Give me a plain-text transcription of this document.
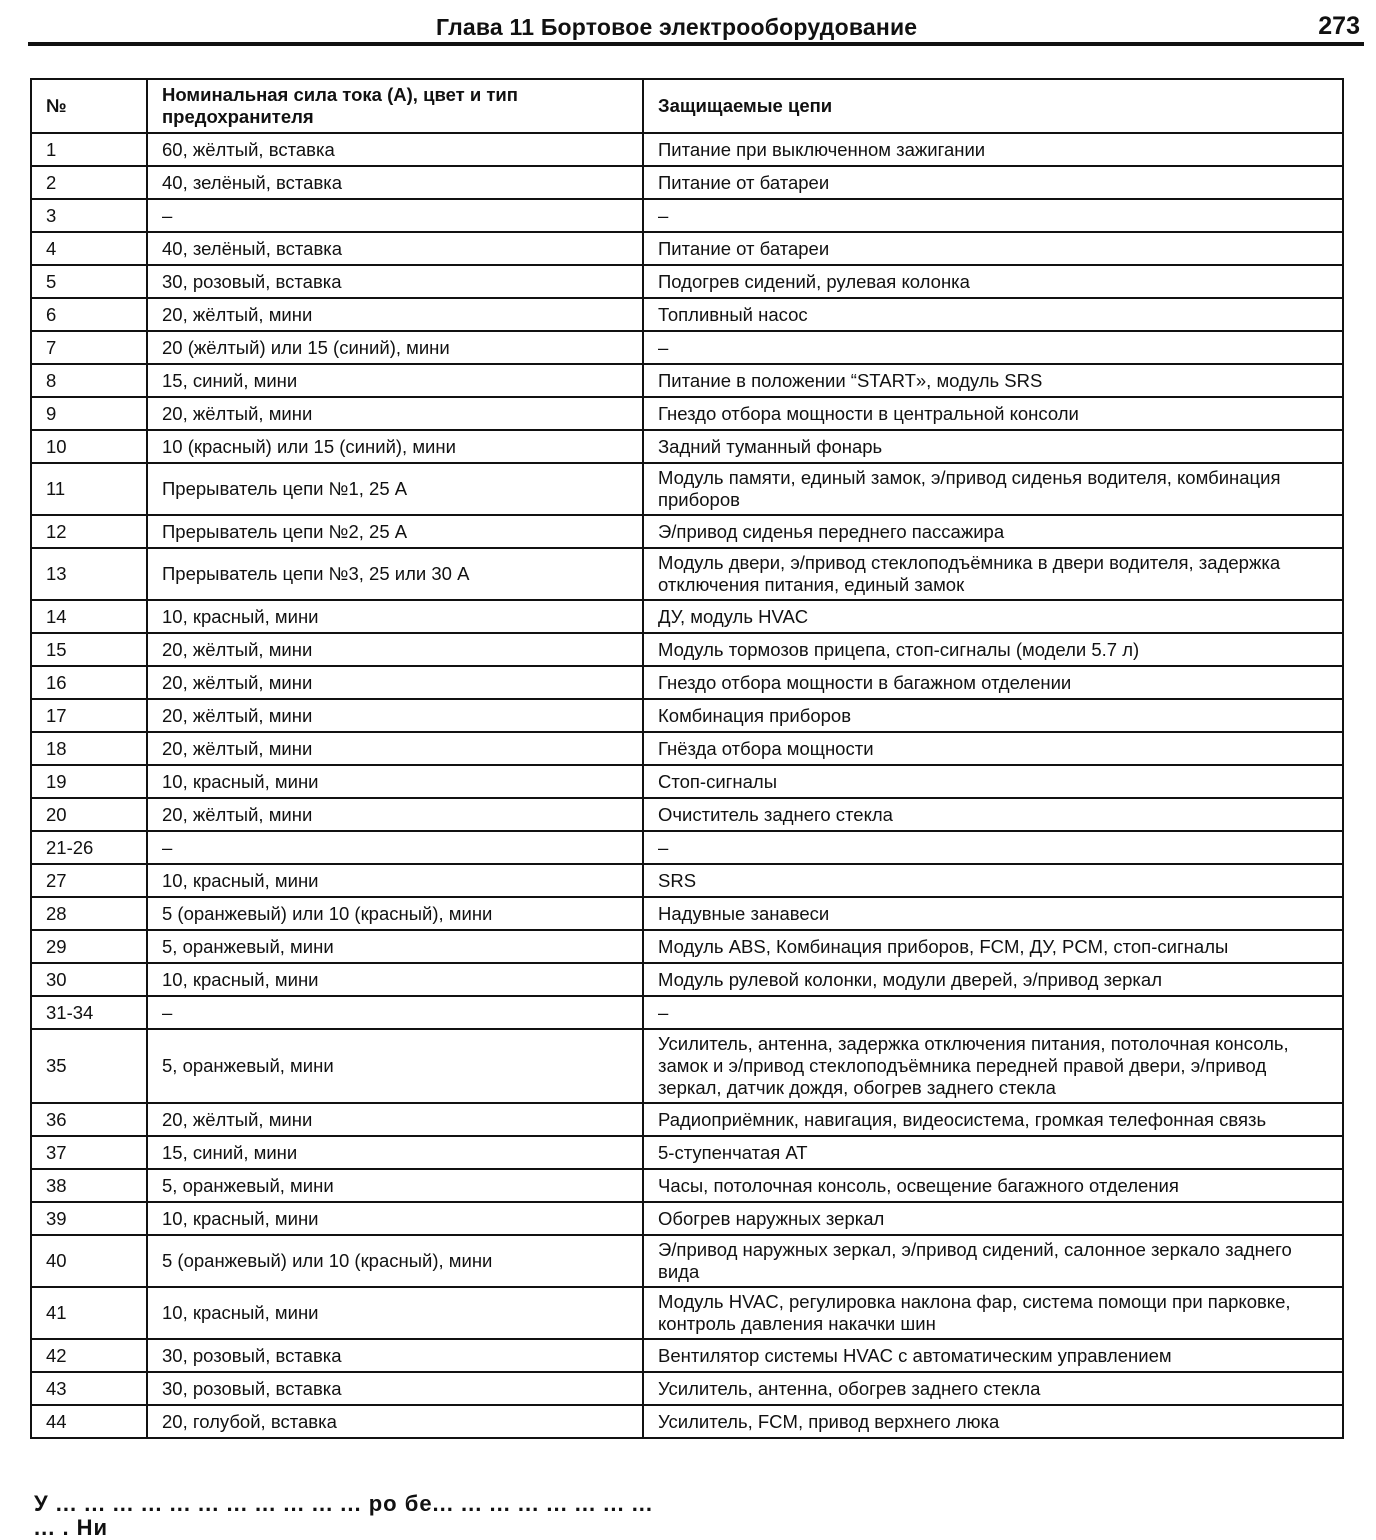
Глава 11 Бортовое электрооборудование	273
№	Номинальная сила тока (А), цвет и тип предохранителя	Защищаемые цепи
1	60, жёлтый, вставка	Питание при выключенном зажигании
2	40, зелёный, вставка	Питание от батареи
3	–	–
4	40, зелёный, вставка	Питание от батареи
5	30, розовый, вставка	Подогрев сидений, рулевая колонка
6	20, жёлтый, мини	Топливный насос
7	20 (жёлтый) или 15 (синий), мини	–
8	15, синий, мини	Питание в положении “START», модуль SRS
9	20, жёлтый, мини	Гнездо отбора мощности в центральной консоли
10	10 (красный) или 15 (синий), мини	Задний туманный фонарь
11	Прерыватель цепи №1, 25 А	Модуль памяти, единый замок, э/привод сиденья водителя, комбинация приборов
12	Прерыватель цепи №2, 25 А	Э/привод сиденья переднего пассажира
13	Прерыватель цепи №3, 25 или 30 А	Модуль двери, э/привод стеклоподъёмника в двери водителя, задержка отключения питания, единый замок
14	10, красный, мини	ДУ, модуль HVAC
15	20, жёлтый, мини	Модуль тормозов прицепа, стоп-сигналы (модели 5.7 л)
16	20, жёлтый, мини	Гнездо отбора мощности в багажном отделении
17	20, жёлтый, мини	Комбинация приборов
18	20, жёлтый, мини	Гнёзда отбора мощности
19	10, красный, мини	Стоп-сигналы
20	20, жёлтый, мини	Очиститель заднего стекла
21-26	–	–
27	10, красный, мини	SRS
28	5 (оранжевый) или 10 (красный), мини	Надувные занавеси
29	5, оранжевый, мини	Модуль ABS, Комбинация приборов, FCM, ДУ, PCM, стоп-сигналы
30	10, красный, мини	Модуль рулевой колонки, модули дверей, э/привод зеркал
31-34	–	–
35	5, оранжевый, мини	Усилитель, антенна, задержка отключения питания, потолочная консоль, замок и э/привод стеклоподъёмника передней правой двери, э/привод зеркал, датчик дождя, обогрев заднего стекла
36	20, жёлтый, мини	Радиоприёмник, навигация, видеосистема, громкая телефонная связь
37	15, синий, мини	5-ступенчатая АТ
38	5, оранжевый, мини	Часы, потолочная консоль, освещение багажного отделения
39	10, красный, мини	Обогрев наружных зеркал
40	5 (оранжевый) или 10 (красный), мини	Э/привод наружных зеркал, э/привод сидений, салонное зеркало заднего вида
41	10, красный, мини	Модуль HVAC, регулировка наклона фар, система помощи при парковке, контроль давления накачки шин
42	30, розовый, вставка	Вентилятор системы HVAC с автоматическим управлением
43	30, розовый, вставка	Усилитель, антенна, обогрев заднего стекла
44	20, голубой, вставка	Усилитель, FCM, привод верхнего люка
У ... ... ... ... ... ... ... ... ... ... ... ро бе... ... ... ... ... ... ... ... ... . Ни
